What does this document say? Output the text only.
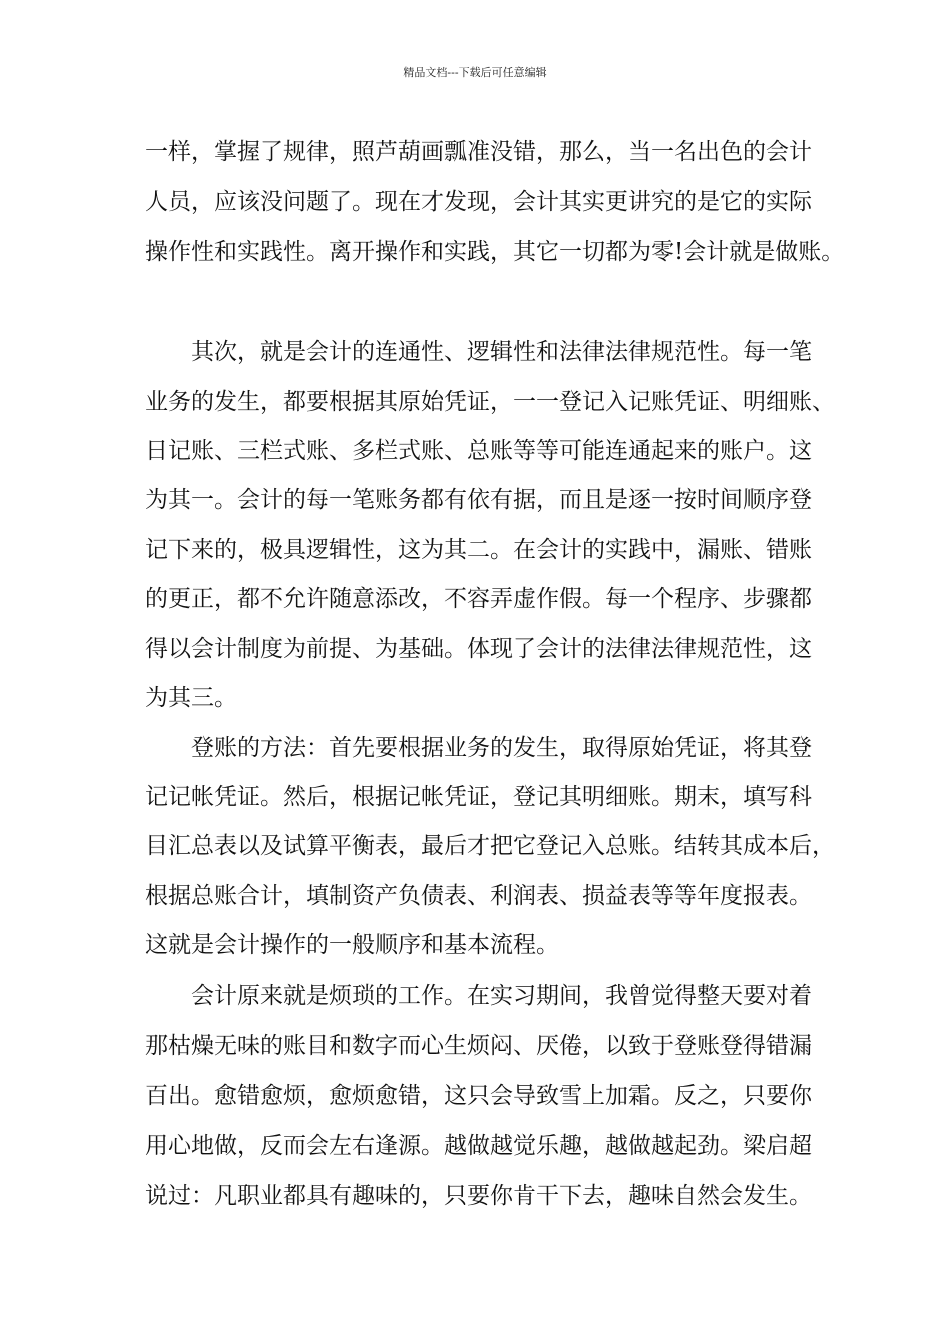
精品文档---下载后可任意编辑
一样，掌握了规律，照芦葫画瓢准没错，那么，当一名出色的会计
人员，应该没问题了。现在才发现，会计其实更讲究的是它的实际
操作性和实践性。离开操作和实践，其它一切都为零!会计就是做账。
其次，就是会计的连通性、逻辑性和法律法律规范性。每一笔
业务的发生，都要根据其原始凭证，一一登记入记账凭证、明细账、
日记账、三栏式账、多栏式账、总账等等可能连通起来的账户。这
为其一。会计的每一笔账务都有依有据，而且是逐一按时间顺序登
记下来的，极具逻辑性，这为其二。在会计的实践中，漏账、错账
的更正，都不允许随意添改，不容弄虚作假。每一个程序、步骤都
得以会计制度为前提、为基础。体现了会计的法律法律规范性，这
为其三。
登账的方法：首先要根据业务的发生，取得原始凭证，将其登
记记帐凭证。然后，根据记帐凭证，登记其明细账。期末，填写科
目汇总表以及试算平衡表，最后才把它登记入总账。结转其成本后，
根据总账合计，填制资产负债表、利润表、损益表等等年度报表。
这就是会计操作的一般顺序和基本流程。
会计原来就是烦琐的工作。在实习期间，我曾觉得整天要对着
那枯燥无味的账目和数字而心生烦闷、厌倦，以致于登账登得错漏
百出。愈错愈烦，愈烦愈错，这只会导致雪上加霜。反之，只要你
用心地做，反而会左右逢源。越做越觉乐趣，越做越起劲。梁启超
说过：凡职业都具有趣味的，只要你肯干下去，趣味自然会发生。
